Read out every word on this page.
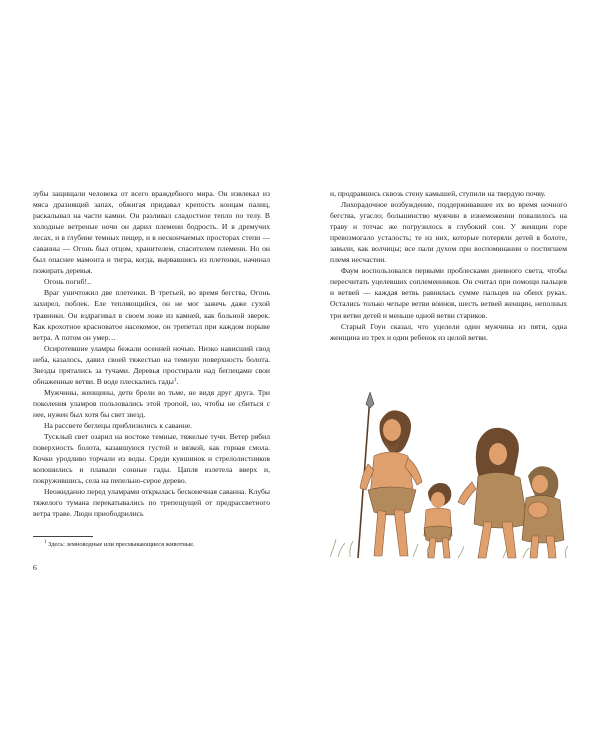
зубы защищали человека от всего враждебного мира. Он извлекал из мяса дразнящий запах, обжигая придавал крепость концам палиц, раскалывал на части камни. Он разливал сладостное тепло по телу. В холодные ветреные ночи он дарил племени бодрость. И в дремучих лесах, и в глубине темных пещер, и в нескончаемых просторах степи — саванны — Огонь был отцом, хранителем, спасителем племени. Но он был опаснее мамонта и тигра, когда, вырвавшись из плетенки, начинал пожирать деревья.

Огонь погиб!..

Враг уничтожил две плетенки. В третьей, во время бегства, Огонь захирел, поблек. Еле тепляющийся, он не мог зажечь даже сухой травинки. Он вздрагивал в своем ложе из камней, как больной зверек. Как крохотное красноватое насекомое, он трепетал при каждом порыве ветра. А потом он умер…

Осиротевшие уламры бежали осенней ночью. Низко нависший свод неба, казалось, давил своей тяжестью на темную поверхность болота. Звезды прятались за тучами. Деревья простирали над беглецами свои обнаженные ветви. В воде плескались гады$^1$.

Мужчины, женщины, дети брели во тьме, не видя друг друга. Три поколения уламров пользовались этой тропой, но, чтобы не сбиться с нее, нужен был хотя бы свет звезд.

На рассвете беглецы приблизились к саванне.

Тусклый свет озарил на востоке темные, тяжелые тучи. Ветер рябил поверхность болота, казавшуюся густой и вязкой, как горная смола. Кочки уродливо торчали из воды. Среди кувшинок и стрелолистников копошились и плавали сонные гады. Цапля взлетела вверх и, покружившись, села на пепельно-серое дерево.

Неожиданно перед уламрами открылась бесконечная саванна. Клубы тяжелого тумана перекатывались по трепещущей от предрассветного ветра траве. Люди приободрились

$^1$ Здесь: земноводные или пресмыкающиеся животные.
6

и, продравшись сквозь стену камышей, ступили на твердую почву.

Лихорадочное возбуждение, поддерживавшее их во время ночного бегства, угасло; большинство мужчин в изнеможении повалилось на траву и тотчас же погрузилось в глубокий сон. У женщин горе превозмогало усталость; те из них, которые потеряли детей в болоте, завыли, как волчицы; все пали духом при воспоминании о постигшем племя несчастии.

Фаум воспользовался первыми проблесками дневного света, чтобы пересчитать уцелевших соплеменников. Он считал при помощи пальцев и ветвей — каждая ветвь равнялась сумме пальцев на обеих руках. Остались только четыре ветви воинов, шесть ветвей женщин, неполных три ветви детей и меньше одной ветви стариков.

Старый Гоун сказал, что уцелели один мужчина из пяти, одна женщина из трех и один ребенок из целой ветви.
